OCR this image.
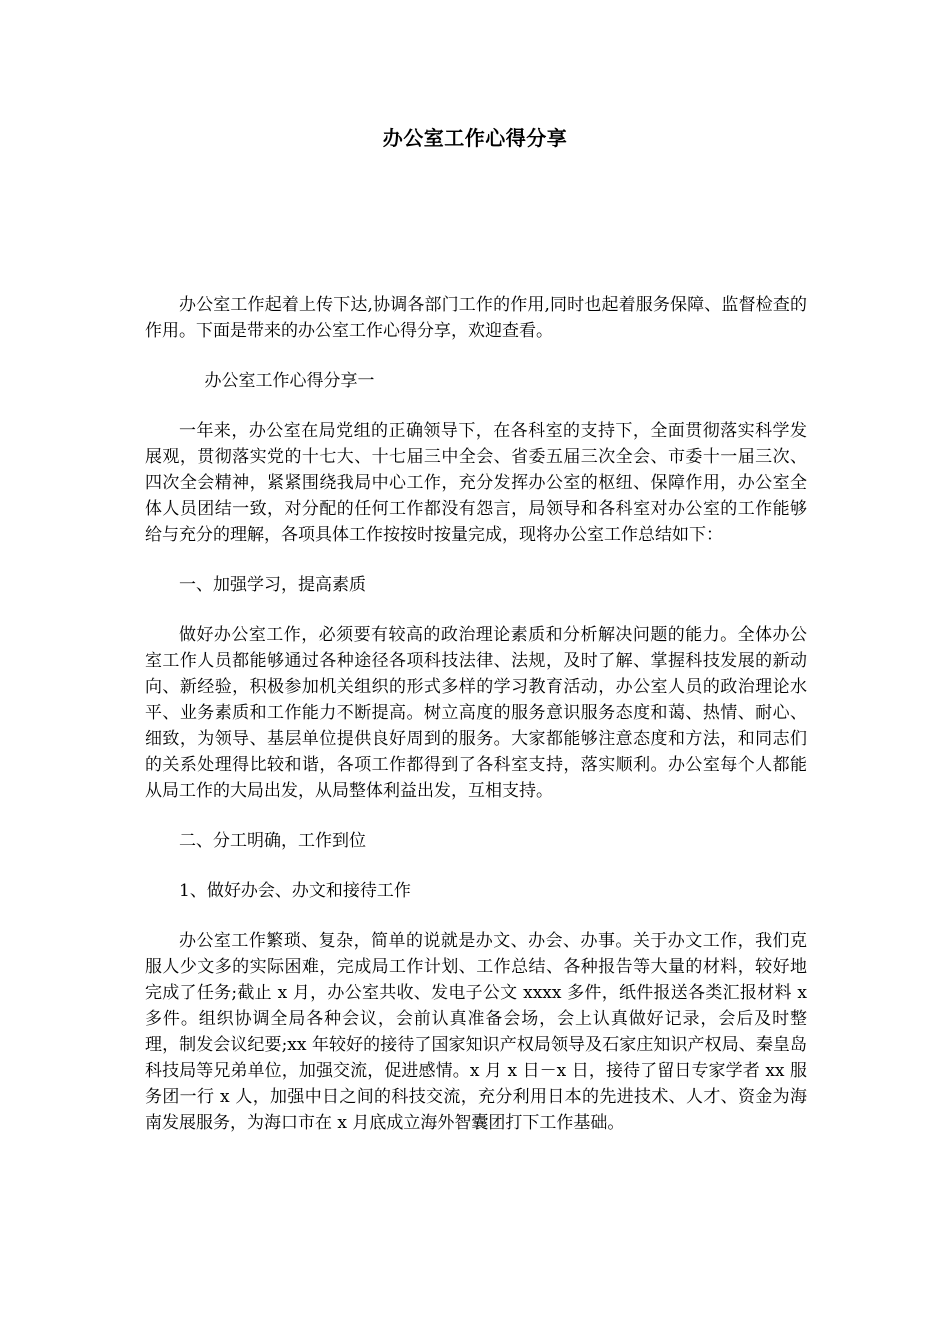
办公室工作心得分享

办公室工作起着上传下达,协调各部门工作的作用,同时也起着服务保障、监督检查的作用。下面是带来的办公室工作心得分享，欢迎查看。

办公室工作心得分享一

一年来，办公室在局党组的正确领导下，在各科室的支持下，全面贯彻落实科学发展观，贯彻落实党的十七大、十七届三中全会、省委五届三次全会、市委十一届三次、四次全会精神，紧紧围绕我局中心工作，充分发挥办公室的枢纽、保障作用，办公室全体人员团结一致，对分配的任何工作都没有怨言，局领导和各科室对办公室的工作能够给与充分的理解，各项具体工作按按时按量完成，现将办公室工作总结如下：

一、加强学习，提高素质

做好办公室工作，必须要有较高的政治理论素质和分析解决问题的能力。全体办公室工作人员都能够通过各种途径各项科技法律、法规，及时了解、掌握科技发展的新动向、新经验，积极参加机关组织的形式多样的学习教育活动，办公室人员的政治理论水平、业务素质和工作能力不断提高。树立高度的服务意识服务态度和蔼、热情、耐心、细致，为领导、基层单位提供良好周到的服务。大家都能够注意态度和方法，和同志们的关系处理得比较和谐，各项工作都得到了各科室支持，落实顺利。办公室每个人都能从局工作的大局出发，从局整体利益出发，互相支持。

二、分工明确，工作到位

1、做好办会、办文和接待工作

办公室工作繁琐、复杂，简单的说就是办文、办会、办事。关于办文工作，我们克服人少文多的实际困难，完成局工作计划、工作总结、各种报告等大量的材料，较好地完成了任务;截止 x 月，办公室共收、发电子公文 xxxx 多件，纸件报送各类汇报材料 x 多件。组织协调全局各种会议，会前认真准备会场，会上认真做好记录，会后及时整理，制发会议纪要;xx 年较好的接待了国家知识产权局领导及石家庄知识产权局、秦皇岛科技局等兄弟单位，加强交流，促进感情。x 月 x 日－x 日，接待了留日专家学者 xx 服务团一行 x 人，加强中日之间的科技交流，充分利用日本的先进技术、人才、资金为海南发展服务，为海口市在 x 月底成立海外智囊团打下工作基础。
